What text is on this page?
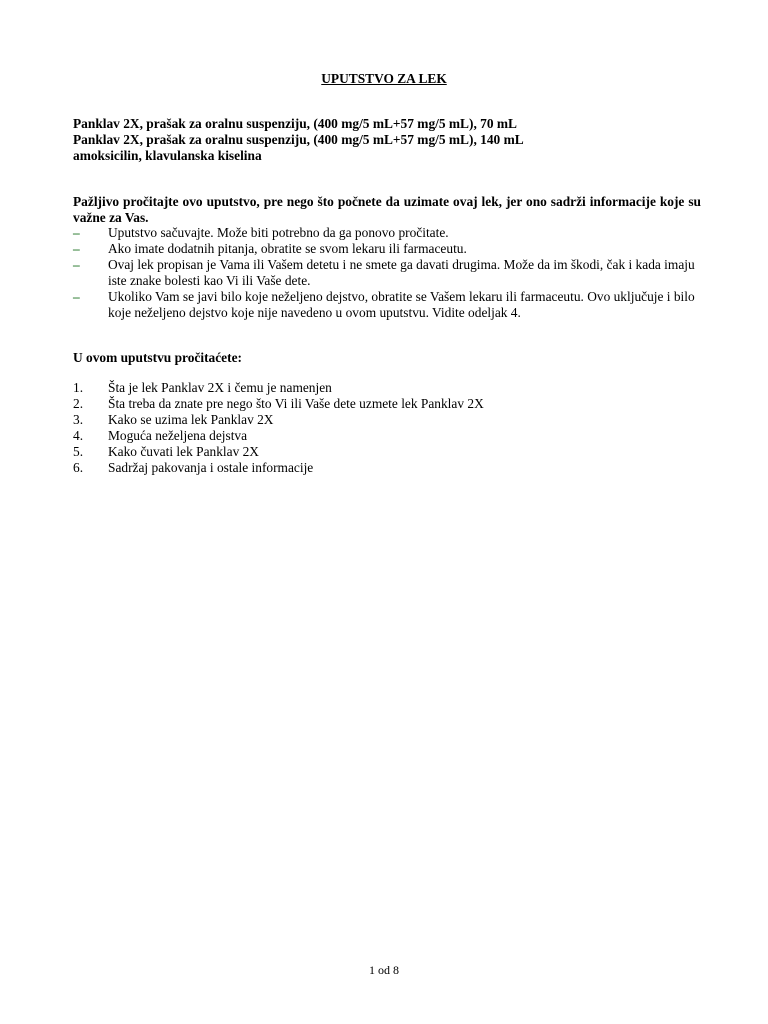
UPUTSTVO ZA LEK
Panklav 2X, prašak za oralnu suspenziju, (400 mg/5 mL+57 mg/5 mL), 70 mL
Panklav 2X, prašak za oralnu suspenziju, (400 mg/5 mL+57 mg/5 mL), 140 mL
amoksicilin, klavulanska kiselina
Pažljivo pročitajte ovo uputstvo, pre nego što počnete da uzimate ovaj lek, jer ono sadrži informacije koje su važne za Vas.
– Uputstvo sačuvajte. Može biti potrebno da ga ponovo pročitate.
– Ako imate dodatnih pitanja, obratite se svom lekaru ili farmaceutu.
– Ovaj lek propisan je Vama ili Vašem detetu i ne smete ga davati drugima. Može da im škodi, čak i kada imaju iste znake bolesti kao Vi ili Vaše dete.
– Ukoliko Vam se javi bilo koje neželjeno dejstvo, obratite se Vašem lekaru ili farmaceutu. Ovo uključuje i bilo koje neželjeno dejstvo koje nije navedeno u ovom uputstvu. Vidite odeljak 4.
U ovom uputstvu pročitaćete:
1. Šta je lek Panklav 2X i čemu je namenjen
2. Šta treba da znate pre nego što Vi ili Vaše dete uzmete lek Panklav 2X
3. Kako se uzima lek Panklav 2X
4. Moguća neželjena dejstva
5. Kako čuvati lek Panklav 2X
6. Sadržaj pakovanja i ostale informacije
1 od 8
